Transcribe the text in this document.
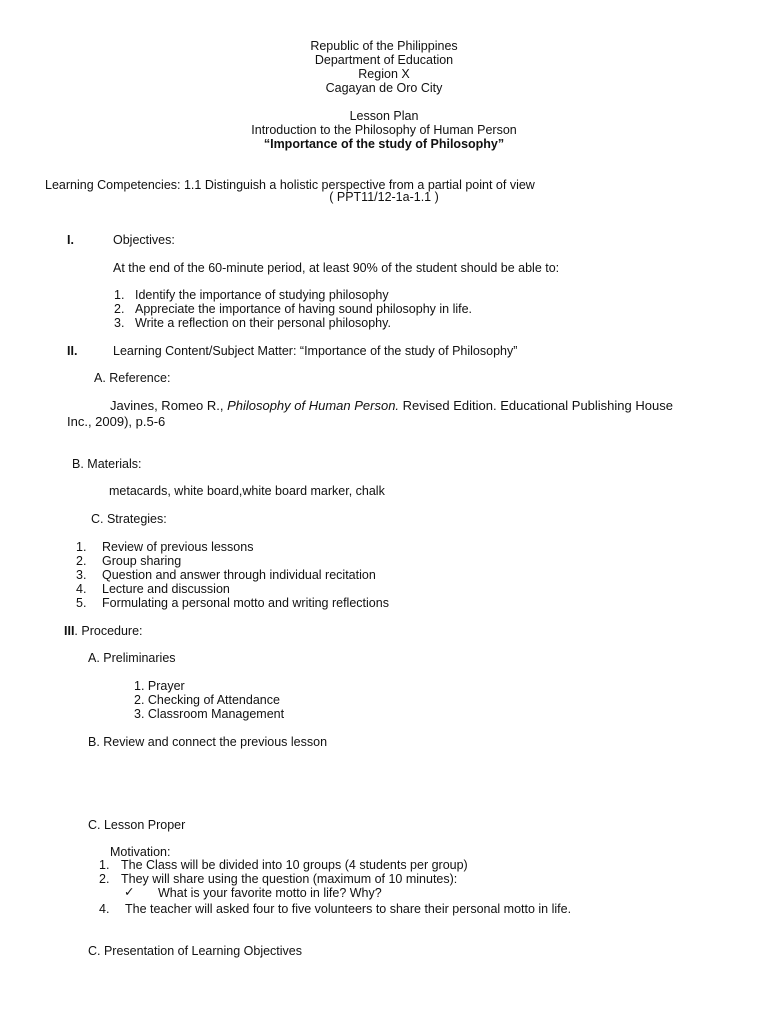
Republic of the Philippines
Department of Education
Region X
Cagayan de Oro City
Lesson Plan
Introduction to the Philosophy of Human Person
“Importance of the study of Philosophy”
Learning Competencies: 1.1 Distinguish a holistic perspective from a partial point of view
( PPT11/12-1a-1.1 )
I.	Objectives:
At the end of the 60-minute period, at least 90% of the student should be able to:
1. Identify the importance of studying philosophy
2. Appreciate the importance of having sound philosophy in life.
3. Write a reflection on their personal philosophy.
II.	Learning Content/Subject Matter: “Importance of the study of Philosophy”
A. Reference:
Javines, Romeo R., Philosophy of Human Person. Revised Edition. Educational Publishing House
Inc., 2009), p.5-6
B. Materials:
metacards, white board,white board marker, chalk
C. Strategies:
1. Review of previous lessons
2. Group sharing
3. Question and answer through individual recitation
4. Lecture and discussion
5. Formulating a personal motto and writing reflections
III. Procedure:
A. Preliminaries
1. Prayer
2. Checking of Attendance
3. Classroom Management
B. Review and connect the previous lesson
C. Lesson Proper
Motivation:
1. The Class will be divided into 10 groups (4 students per group)
2. They will share using the question (maximum of 10 minutes):
✓ What is your favorite motto in life? Why?
4. The teacher will asked four to five volunteers to share their personal motto in life.
C. Presentation of Learning Objectives
